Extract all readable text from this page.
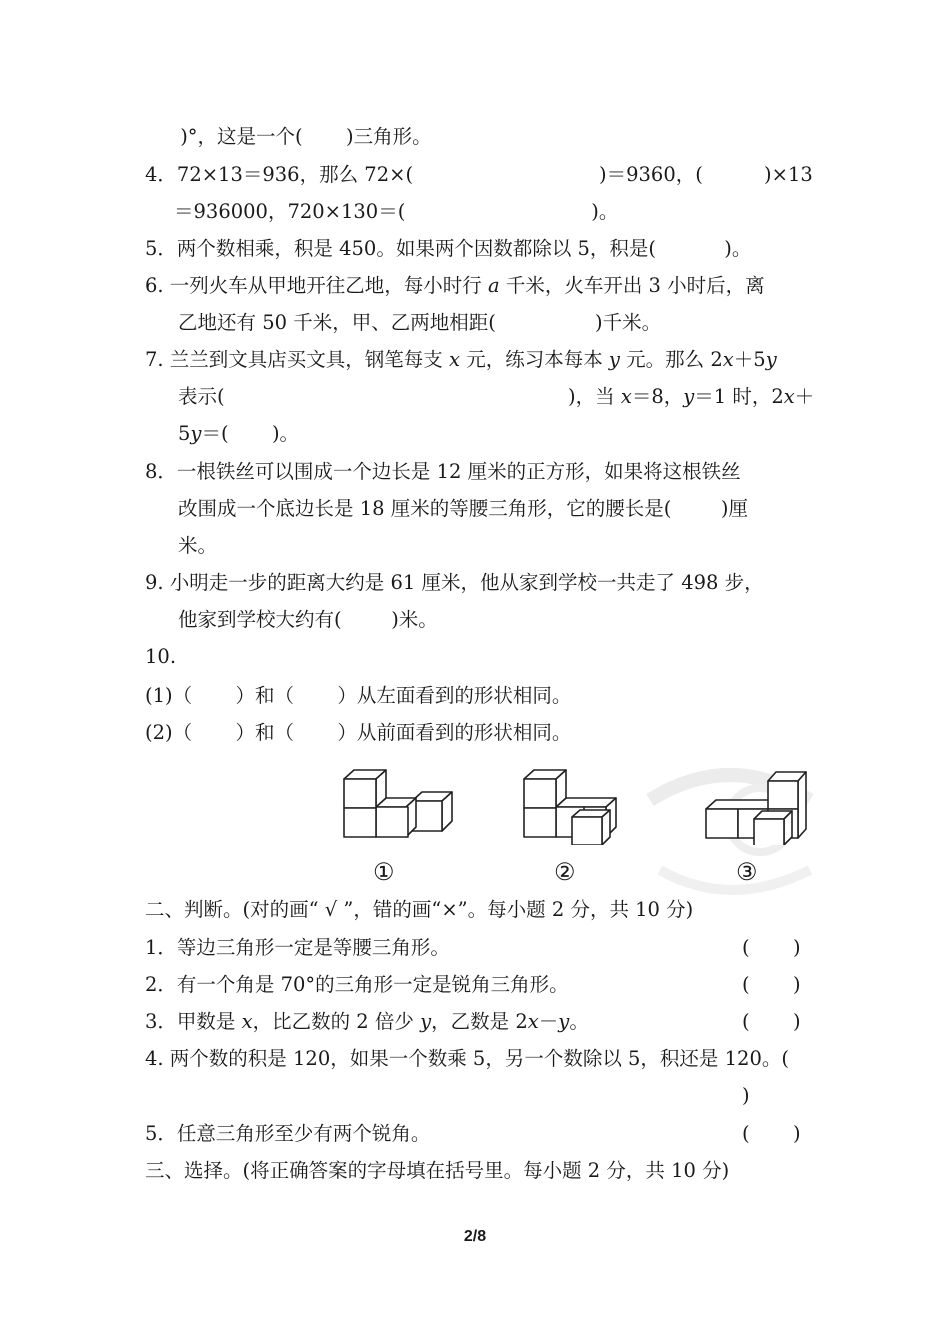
)°，这是一个(       )三角形。
4．72×13＝936，那么 72×(                              )＝9360，(	)×13
＝936000，720×130＝(                              )。
5．两个数相乘，积是 450。如果两个因数都除以 5，积是(           )。
6. 一列火车从甲地开往乙地，每小时行 a 千米，火车开出 3 小时后，离
乙地还有 50 千米，甲、乙两地相距(                )千米。
7. 兰兰到文具店买文具，钢笔每支 x 元，练习本每本 y 元。那么 2x＋5y
表示(	)，当 x＝8，y＝1 时，2x＋
5y＝(       )。
8．一根铁丝可以围成一个边长是 12 厘米的正方形，如果将这根铁丝
改围成一个底边长是 18 厘米的等腰三角形，它的腰长是(        )厘
米。
9. 小明走一步的距离大约是 61 厘米，他从家到学校一共走了 498 步，
他家到学校大约有(        )米。
10.
(1)（       ）和（       ）从左面看到的形状相同。
(2)（       ）和（       ）从前面看到的形状相同。
①	②	③
二、判断。(对的画“ √ ”，错的画“×”。每小题 2 分，共 10 分)
1．等边三角形一定是等腰三角形。	(       )
2．有一个角是 70°的三角形一定是锐角三角形。	(       )
3．甲数是 x，比乙数的 2 倍少 y，乙数是 2x－y。	(       )
4. 两个数的积是 120，如果一个数乘 5，另一个数除以 5，积还是 120。(
)
5．任意三角形至少有两个锐角。	(       )
三、选择。(将正确答案的字母填在括号里。每小题 2 分，共 10 分)
2/8
